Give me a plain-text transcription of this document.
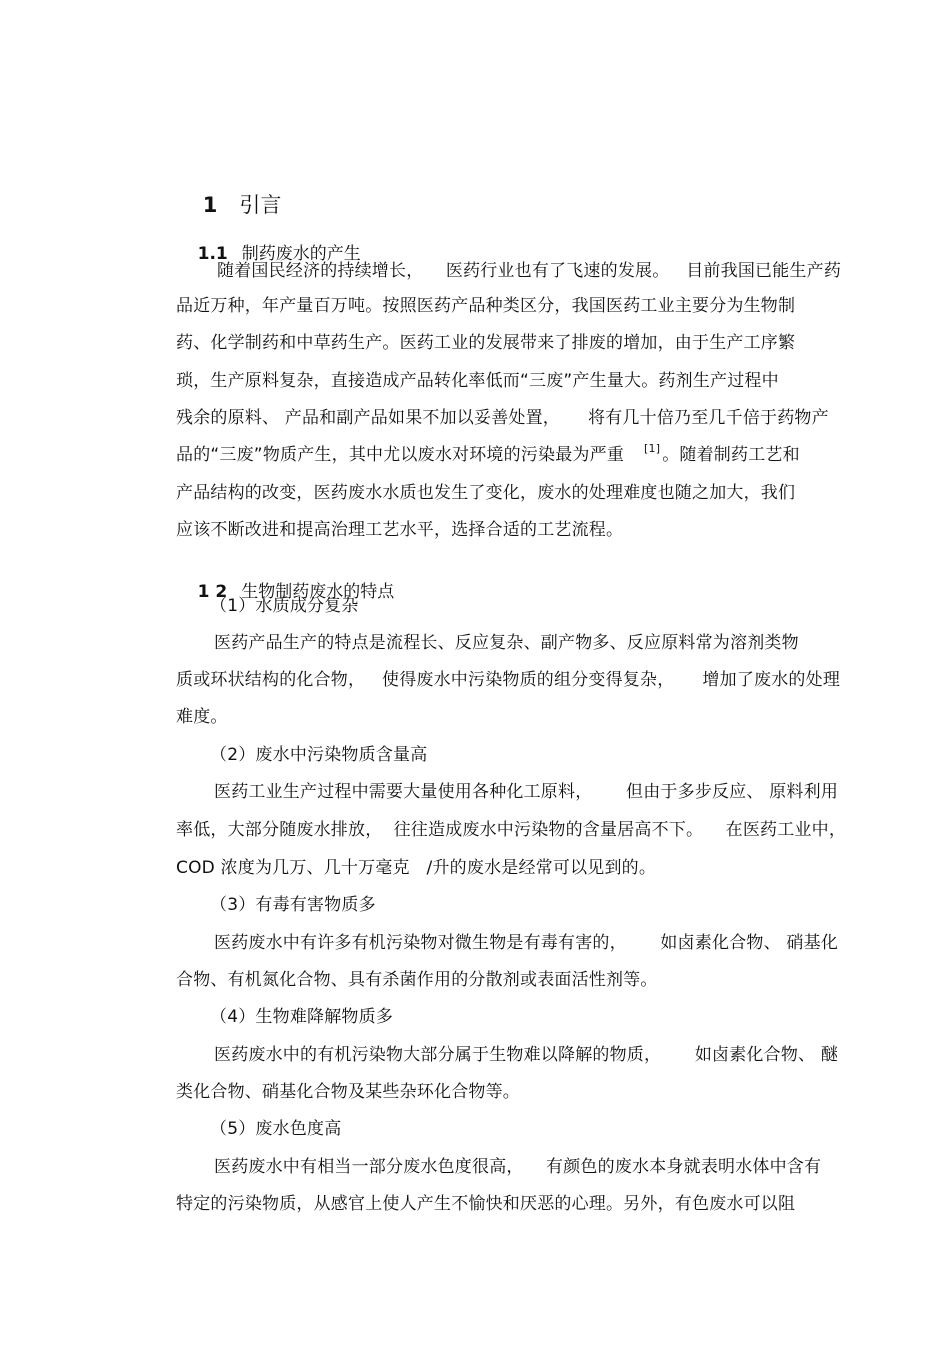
1 引言

1.1 制药废水的产生

随着国民经济的持续增长，    医药行业也有了飞速的发展。   目前我国已能生产药
品近万种，年产量百万吨。按照医药产品种类区分，我国医药工业主要分为生物制
药、化学制药和中草药生产。医药工业的发展带来了排废的增加，由于生产工序繁
琐，生产原料复杂，直接造成产品转化率低而“三废”产生量大。药剂生产过程中
残余的原料、 产品和副产品如果不加以妥善处置，     将有几十倍乃至几千倍于药物产
品的“三废”物质产生，其中尤以废水对环境的污染最为严重 [1] 。随着制药工艺和
产品结构的改变，医药废水水质也发生了变化，废水的处理难度也随之加大，我们
应该不断改进和提高治理工艺水平，选择合适的工艺流程。

1 2 生物制药废水的特点

（1）水质成分复杂
医药产品生产的特点是流程长、反应复杂、副产物多、反应原料常为溶剂类物
质或环状结构的化合物，   使得废水中污染物质的组分变得复杂，     增加了废水的处理
难度。
（2）废水中污染物质含量高
医药工业生产过程中需要大量使用各种化工原料，      但由于多步反应、 原料利用
率低，大部分随废水排放，  往往造成废水中污染物的含量居高不下。    在医药工业中，
COD 浓度为几万、几十万毫克   /升的废水是经常可以见到的。
（3）有毒有害物质多
医药废水中有许多有机污染物对微生物是有毒有害的，      如卤素化合物、 硝基化
合物、有机氮化合物、具有杀菌作用的分散剂或表面活性剂等。
（4）生物难降解物质多
医药废水中的有机污染物大部分属于生物难以降解的物质，      如卤素化合物、 醚
类化合物、硝基化合物及某些杂环化合物等。
（5）废水色度高
医药废水中有相当一部分废水色度很高，    有颜色的废水本身就表明水体中含有
特定的污染物质，从感官上使人产生不愉快和厌恶的心理。另外，有色废水可以阻
